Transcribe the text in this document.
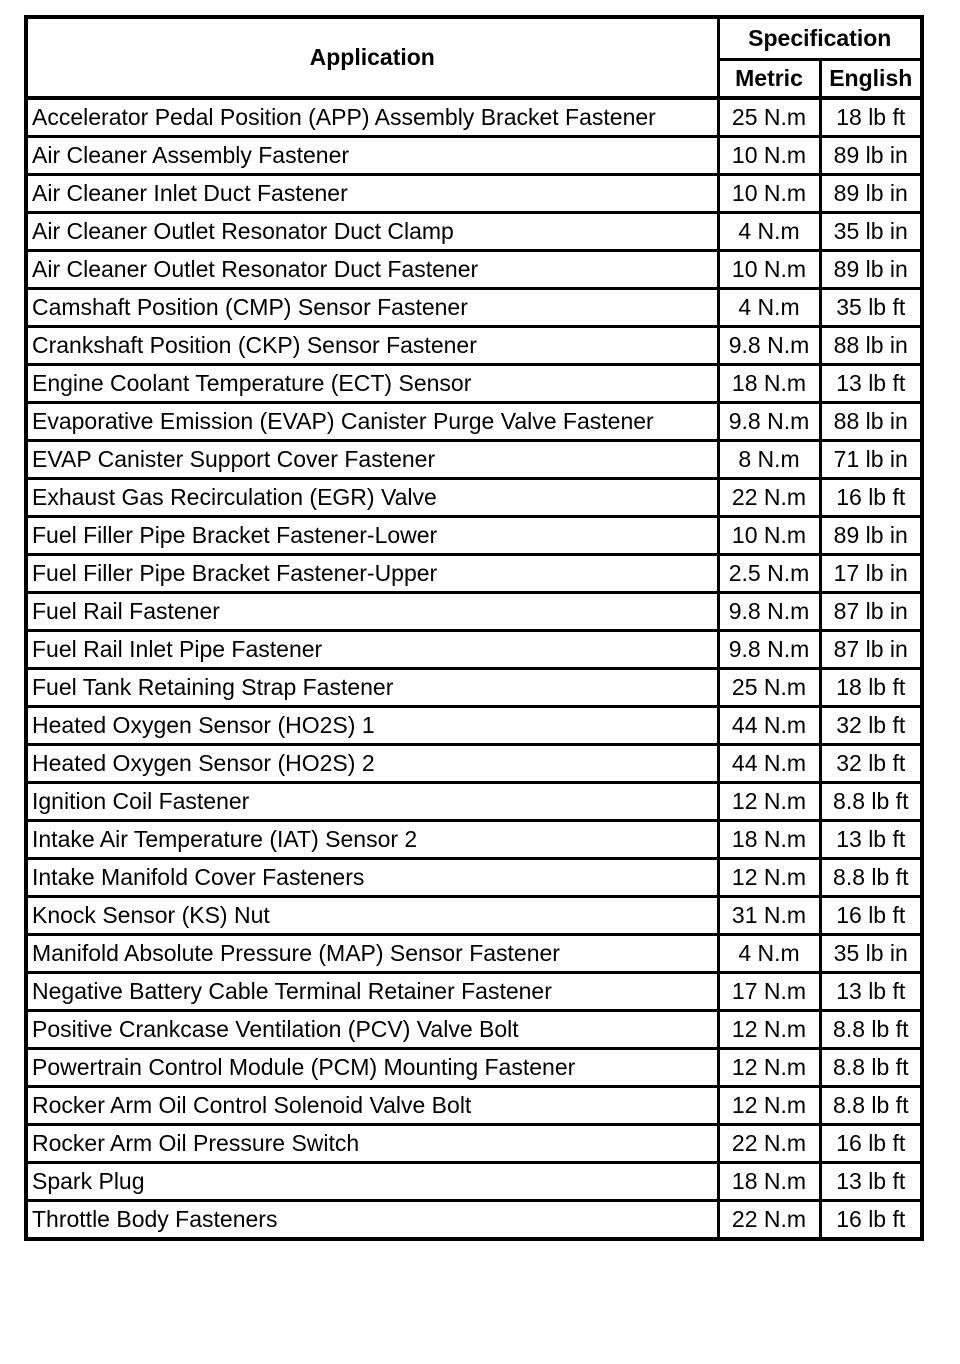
Application	Specification	
	Metric	English
Accelerator Pedal Position (APP) Assembly Bracket Fastener	25 N.m	18 lb ft
Air Cleaner Assembly Fastener	10 N.m	89 lb in
Air Cleaner Inlet Duct Fastener	10 N.m	89 lb in
Air Cleaner Outlet Resonator Duct Clamp	4 N.m	35 lb in
Air Cleaner Outlet Resonator Duct Fastener	10 N.m	89 lb in
Camshaft Position (CMP) Sensor Fastener	4 N.m	35 lb ft
Crankshaft Position (CKP) Sensor Fastener	9.8 N.m	88 lb in
Engine Coolant Temperature (ECT) Sensor	18 N.m	13 lb ft
Evaporative Emission (EVAP) Canister Purge Valve Fastener	9.8 N.m	88 lb in
EVAP Canister Support Cover Fastener	8 N.m	71 lb in
Exhaust Gas Recirculation (EGR) Valve	22 N.m	16 lb ft
Fuel Filler Pipe Bracket Fastener-Lower	10 N.m	89 lb in
Fuel Filler Pipe Bracket Fastener-Upper	2.5 N.m	17 lb in
Fuel Rail Fastener	9.8 N.m	87 lb in
Fuel Rail Inlet Pipe Fastener	9.8 N.m	87 lb in
Fuel Tank Retaining Strap Fastener	25 N.m	18 lb ft
Heated Oxygen Sensor (HO2S) 1	44 N.m	32 lb ft
Heated Oxygen Sensor (HO2S) 2	44 N.m	32 lb ft
Ignition Coil Fastener	12 N.m	8.8 lb ft
Intake Air Temperature (IAT) Sensor 2	18 N.m	13 lb ft
Intake Manifold Cover Fasteners	12 N.m	8.8 lb ft
Knock Sensor (KS) Nut	31 N.m	16 lb ft
Manifold Absolute Pressure (MAP) Sensor Fastener	4 N.m	35 lb in
Negative Battery Cable Terminal Retainer Fastener	17 N.m	13 lb ft
Positive Crankcase Ventilation (PCV) Valve Bolt	12 N.m	8.8 lb ft
Powertrain Control Module (PCM) Mounting Fastener	12 N.m	8.8 lb ft
Rocker Arm Oil Control Solenoid Valve Bolt	12 N.m	8.8 lb ft
Rocker Arm Oil Pressure Switch	22 N.m	16 lb ft
Spark Plug	18 N.m	13 lb ft
Throttle Body Fasteners	22 N.m	16 lb ft
